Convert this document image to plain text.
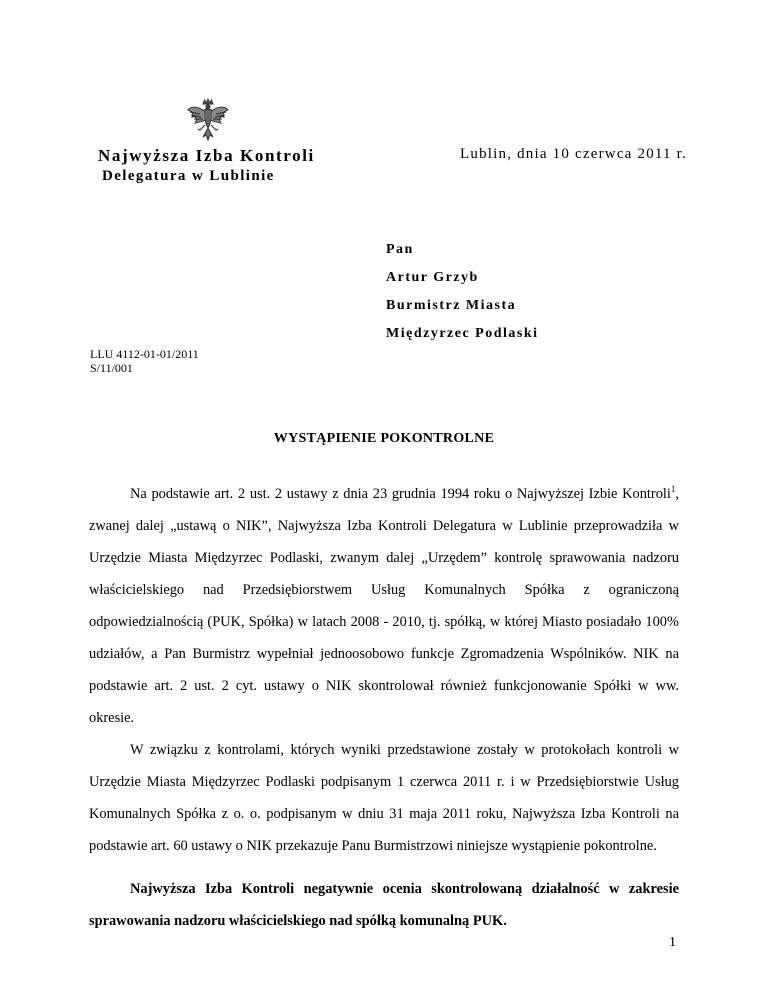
Najwyższa Izba Kontroli
Delegatura w Lublinie
Lublin, dnia 10 czerwca 2011 r.
Pan
Artur Grzyb
Burmistrz Miasta
Międzyrzec Podlaski
LLU 4112-01-01/2011
S/11/001
WYSTĄPIENIE POKONTROLNE

Na podstawie art. 2 ust. 2 ustawy z dnia 23 grudnia 1994 roku o Najwyższej Izbie Kontroli$^1$, zwanej dalej „ustawą o NIK”, Najwyższa Izba Kontroli Delegatura w Lublinie przeprowadziła w Urzędzie Miasta Międzyrzec Podlaski, zwanym dalej „Urzędem” kontrolę sprawowania nadzoru właścicielskiego nad Przedsiębiorstwem Usług Komunalnych Spółka z ograniczoną odpowiedzialnością (PUK, Spółka) w latach 2008 - 2010, tj. spółką, w której Miasto posiadało 100% udziałów, a Pan Burmistrz wypełniał jednoosobowo funkcje Zgromadzenia Wspólników. NIK na podstawie art. 2 ust. 2 cyt. ustawy o NIK skontrolował również funkcjonowanie Spółki w ww. okresie.

W związku z kontrolami, których wyniki przedstawione zostały w protokołach kontroli w Urzędzie Miasta Międzyrzec Podlaski podpisanym 1 czerwca 2011 r. i w Przedsiębiorstwie Usług Komunalnych Spółka z o. o. podpisanym w dniu 31 maja 2011 roku, Najwyższa Izba Kontroli na podstawie art. 60 ustawy o NIK przekazuje Panu Burmistrzowi niniejsze wystąpienie pokontrolne.

Najwyższa Izba Kontroli negatywnie ocenia skontrolowaną działalność w zakresie sprawowania nadzoru właścicielskiego nad spółką komunalną PUK.

1
